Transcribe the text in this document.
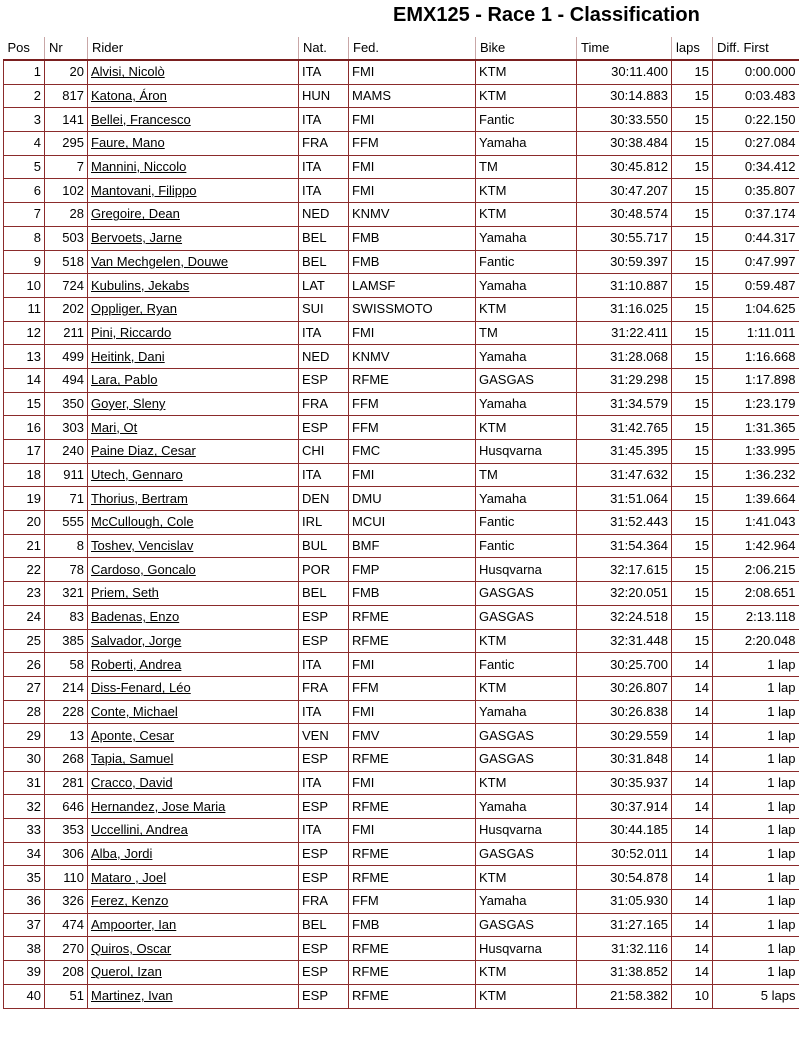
EMX125 - Race 1 - Classification
Pos	Nr	Rider	Nat.	Fed.	Bike	Time	laps	Diff. First
1	20	Alvisi, Nicolò	ITA	FMI	KTM	30:11.400	15	0:00.000
2	817	Katona, Áron	HUN	MAMS	KTM	30:14.883	15	0:03.483
3	141	Bellei, Francesco	ITA	FMI	Fantic	30:33.550	15	0:22.150
4	295	Faure, Mano	FRA	FFM	Yamaha	30:38.484	15	0:27.084
5	7	Mannini, Niccolo	ITA	FMI	TM	30:45.812	15	0:34.412
6	102	Mantovani, Filippo	ITA	FMI	KTM	30:47.207	15	0:35.807
7	28	Gregoire, Dean	NED	KNMV	KTM	30:48.574	15	0:37.174
8	503	Bervoets, Jarne	BEL	FMB	Yamaha	30:55.717	15	0:44.317
9	518	Van Mechgelen, Douwe	BEL	FMB	Fantic	30:59.397	15	0:47.997
10	724	Kubulins, Jekabs	LAT	LAMSF	Yamaha	31:10.887	15	0:59.487
11	202	Oppliger, Ryan	SUI	SWISSMOTO	KTM	31:16.025	15	1:04.625
12	211	Pini, Riccardo	ITA	FMI	TM	31:22.411	15	1:11.011
13	499	Heitink, Dani	NED	KNMV	Yamaha	31:28.068	15	1:16.668
14	494	Lara, Pablo	ESP	RFME	GASGAS	31:29.298	15	1:17.898
15	350	Goyer, Sleny	FRA	FFM	Yamaha	31:34.579	15	1:23.179
16	303	Mari, Ot	ESP	FFM	KTM	31:42.765	15	1:31.365
17	240	Paine Diaz, Cesar	CHI	FMC	Husqvarna	31:45.395	15	1:33.995
18	911	Utech, Gennaro	ITA	FMI	TM	31:47.632	15	1:36.232
19	71	Thorius, Bertram	DEN	DMU	Yamaha	31:51.064	15	1:39.664
20	555	McCullough, Cole	IRL	MCUI	Fantic	31:52.443	15	1:41.043
21	8	Toshev, Vencislav	BUL	BMF	Fantic	31:54.364	15	1:42.964
22	78	Cardoso, Goncalo	POR	FMP	Husqvarna	32:17.615	15	2:06.215
23	321	Priem, Seth	BEL	FMB	GASGAS	32:20.051	15	2:08.651
24	83	Badenas, Enzo	ESP	RFME	GASGAS	32:24.518	15	2:13.118
25	385	Salvador, Jorge	ESP	RFME	KTM	32:31.448	15	2:20.048
26	58	Roberti, Andrea	ITA	FMI	Fantic	30:25.700	14	1 lap
27	214	Diss-Fenard, Léo	FRA	FFM	KTM	30:26.807	14	1 lap
28	228	Conte, Michael	ITA	FMI	Yamaha	30:26.838	14	1 lap
29	13	Aponte, Cesar	VEN	FMV	GASGAS	30:29.559	14	1 lap
30	268	Tapia, Samuel	ESP	RFME	GASGAS	30:31.848	14	1 lap
31	281	Cracco, David	ITA	FMI	KTM	30:35.937	14	1 lap
32	646	Hernandez, Jose Maria	ESP	RFME	Yamaha	30:37.914	14	1 lap
33	353	Uccellini, Andrea	ITA	FMI	Husqvarna	30:44.185	14	1 lap
34	306	Alba, Jordi	ESP	RFME	GASGAS	30:52.011	14	1 lap
35	110	Mataro , Joel	ESP	RFME	KTM	30:54.878	14	1 lap
36	326	Ferez, Kenzo	FRA	FFM	Yamaha	31:05.930	14	1 lap
37	474	Ampoorter, Ian	BEL	FMB	GASGAS	31:27.165	14	1 lap
38	270	Quiros, Oscar	ESP	RFME	Husqvarna	31:32.116	14	1 lap
39	208	Querol, Izan	ESP	RFME	KTM	31:38.852	14	1 lap
40	51	Martinez, Ivan	ESP	RFME	KTM	21:58.382	10	5 laps
